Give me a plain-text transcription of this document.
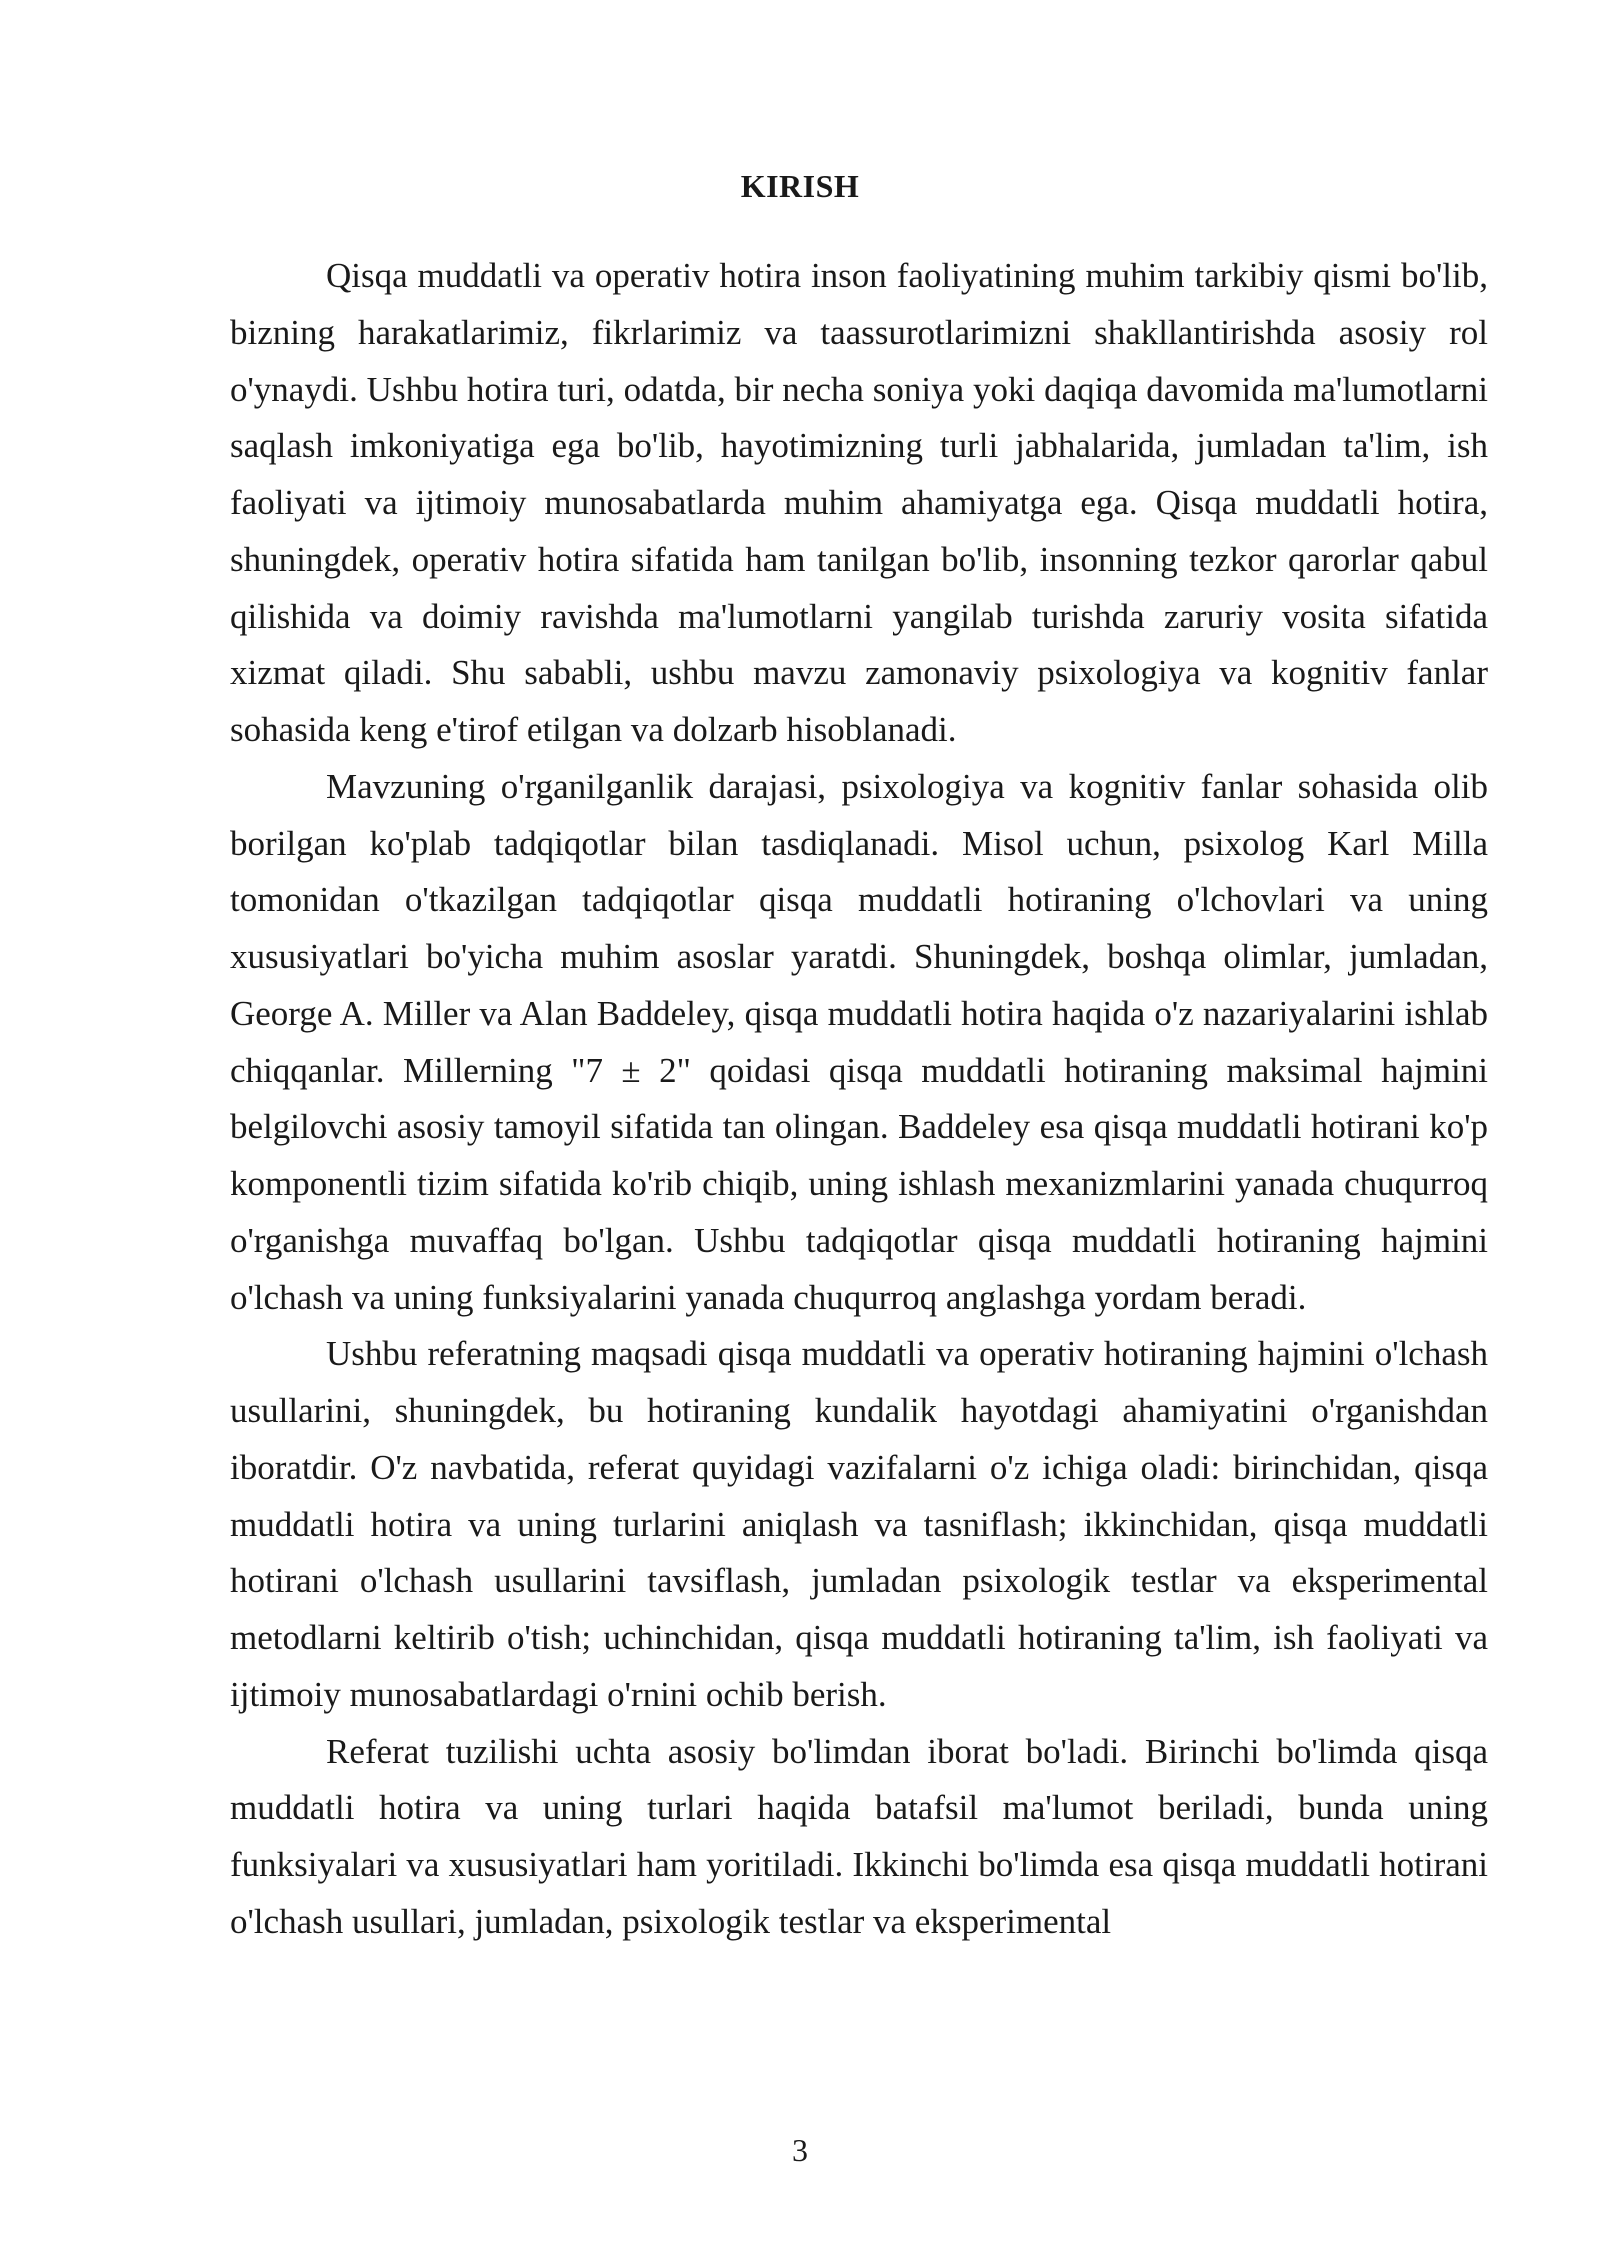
KIRISH

Qisqa muddatli va operativ hotira inson faoliyatining muhim tarkibiy qismi bo'lib, bizning harakatlarimiz, fikrlarimiz va taassurotlarimizni shakllantirishda asosiy rol o'ynaydi. Ushbu hotira turi, odatda, bir necha soniya yoki daqiqa davomida ma'lumotlarni saqlash imkoniyatiga ega bo'lib, hayotimizning turli jabhalarida, jumladan ta'lim, ish faoliyati va ijtimoiy munosabatlarda muhim ahamiyatga ega. Qisqa muddatli hotira, shuningdek, operativ hotira sifatida ham tanilgan bo'lib, insonning tezkor qarorlar qabul qilishida va doimiy ravishda ma'lumotlarni yangilab turishda zaruriy vosita sifatida xizmat qiladi. Shu sababli, ushbu mavzu zamonaviy psixologiya va kognitiv fanlar sohasida keng e'tirof etilgan va dolzarb hisoblanadi.

Mavzuning o'rganilganlik darajasi, psixologiya va kognitiv fanlar sohasida olib borilgan ko'plab tadqiqotlar bilan tasdiqlanadi. Misol uchun, psixolog Karl Milla tomonidan o'tkazilgan tadqiqotlar qisqa muddatli hotiraning o'lchovlari va uning xususiyatlari bo'yicha muhim asoslar yaratdi. Shuningdek, boshqa olimlar, jumladan, George A. Miller va Alan Baddeley, qisqa muddatli hotira haqida o'z nazariyalarini ishlab chiqqanlar. Millerning "7 ± 2" qoidasi qisqa muddatli hotiraning maksimal hajmini belgilovchi asosiy tamoyil sifatida tan olingan. Baddeley esa qisqa muddatli hotirani ko'p komponentli tizim sifatida ko'rib chiqib, uning ishlash mexanizmlarini yanada chuqurroq o'rganishga muvaffaq bo'lgan. Ushbu tadqiqotlar qisqa muddatli hotiraning hajmini o'lchash va uning funksiyalarini yanada chuqurroq anglashga yordam beradi.

Ushbu referatning maqsadi qisqa muddatli va operativ hotiraning hajmini o'lchash usullarini, shuningdek, bu hotiraning kundalik hayotdagi ahamiyatini o'rganishdan iboratdir. O'z navbatida, referat quyidagi vazifalarni o'z ichiga oladi: birinchidan, qisqa muddatli hotira va uning turlarini aniqlash va tasniflash; ikkinchidan, qisqa muddatli hotirani o'lchash usullarini tavsiflash, jumladan psixologik testlar va eksperimental metodlarni keltirib o'tish; uchinchidan, qisqa muddatli hotiraning ta'lim, ish faoliyati va ijtimoiy munosabatlardagi o'rnini ochib berish.

Referat tuzilishi uchta asosiy bo'limdan iborat bo'ladi. Birinchi bo'limda qisqa muddatli hotira va uning turlari haqida batafsil ma'lumot beriladi, bunda uning funksiyalari va xususiyatlari ham yoritiladi. Ikkinchi bo'limda esa qisqa muddatli hotirani o'lchash usullari, jumladan, psixologik testlar va eksperimental

3
